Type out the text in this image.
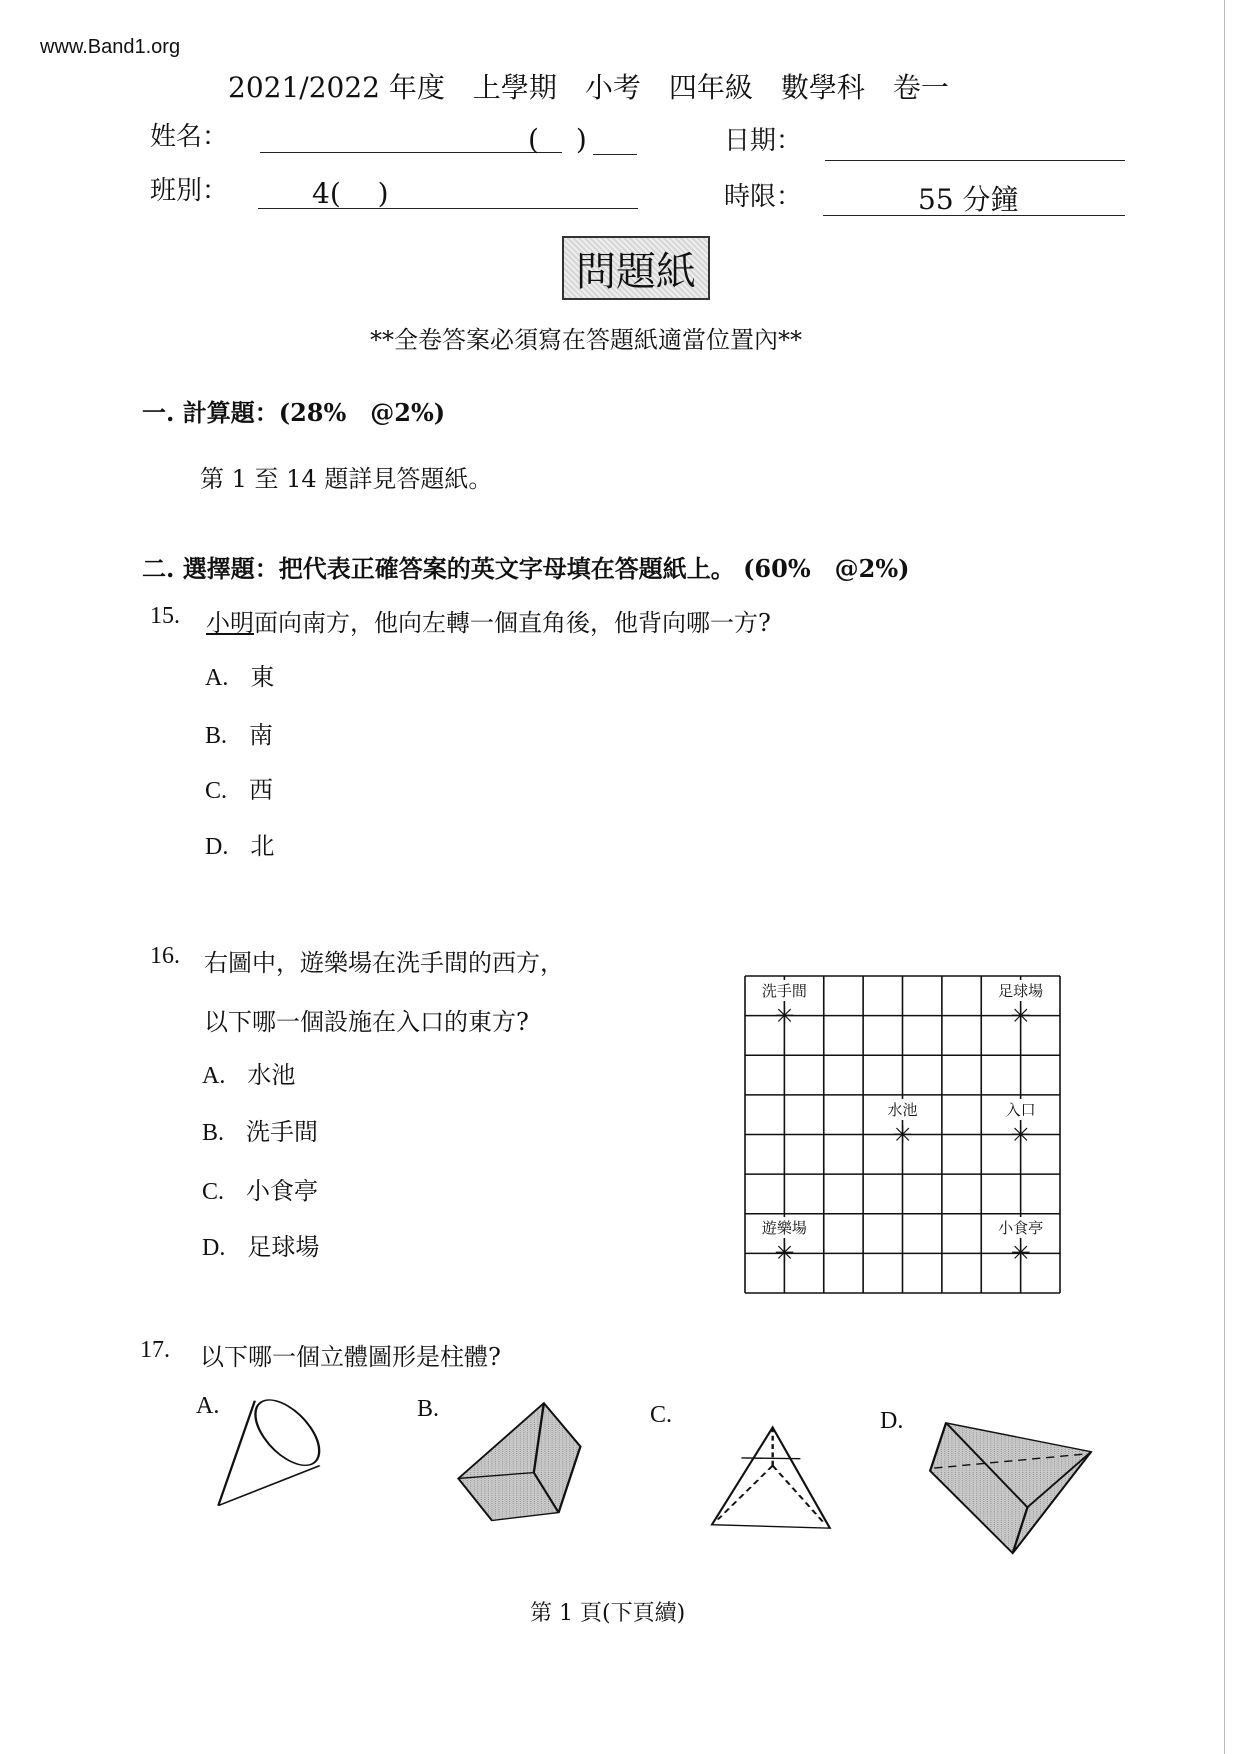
www.Band1.org
2021/2022 年度　上學期　小考　四年級　數學科　卷一
姓名：	(　 )	日期：
班別：	4(　 )	時限：	55 分鐘
問題紙
**全卷答案必須寫在答題紙適當位置內**
一. 計算題：(28%　@2%)
第 1 至 14 題詳見答題紙。
二. 選擇題：把代表正確答案的英文字母填在答題紙上。 (60%　@2%)
15. 小明面向南方，他向左轉一個直角後，他背向哪一方?
A. 東
B. 南
C. 西
D. 北
16. 右圖中，遊樂場在洗手間的西方，
以下哪一個設施在入口的東方?
A. 水池
B. 洗手間
C. 小食亭
D. 足球場
✳
洗手間
✳
足球場
✳
水池
✳
入口
✳
遊樂場
✳
小食亭
17. 以下哪一個立體圖形是柱體?
A.	B.	C.	D.
第 1 頁(下頁續)
